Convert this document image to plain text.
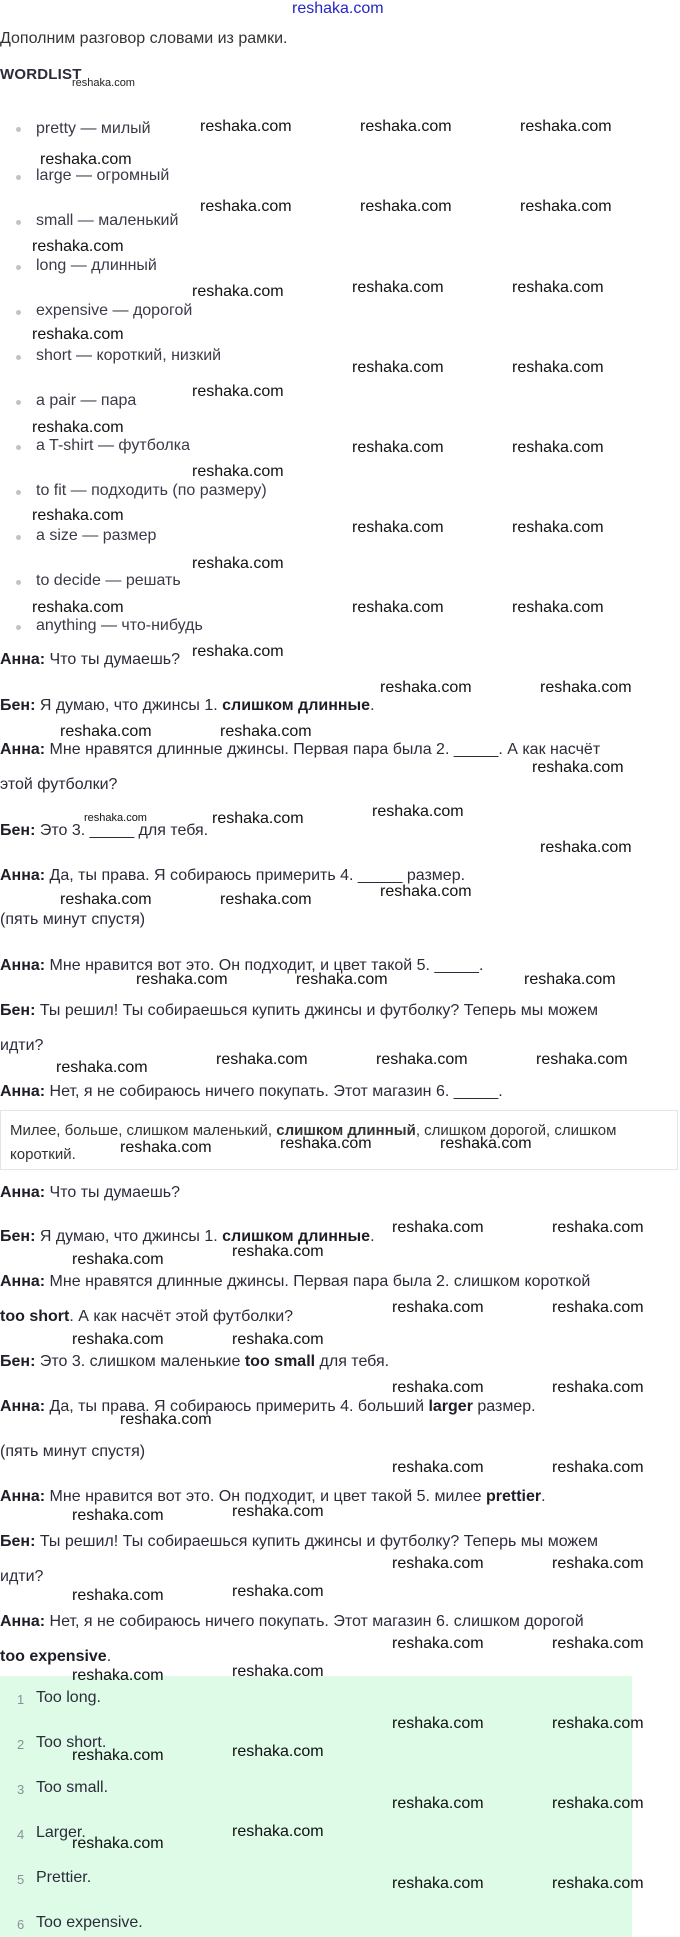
reshaka.com
Дополним разговор словами из рамки.
WORDLIST
reshaka.com
pretty — милый
large — огромный
small — маленький
long — длинный
expensive — дорогой
short — короткий, низкий
a pair — пара
a T-shirt — футболка
to fit — подходить (по размеру)
a size — размер
to decide — решать
anything — что-нибудь
Анна: Что ты думаешь?
Бен: Я думаю, что джинсы 1. слишком длинные.
Анна: Мне нравятся длинные джинсы. Первая пара была 2. _____. А как насчёт
этой футболки?
Бен: Это 3. _____ для тебя.
Анна: Да, ты права. Я собираюсь примерить 4. _____ размер.
(пять минут спустя)
Анна: Мне нравится вот это. Он подходит, и цвет такой 5. _____.
Бен: Ты решил! Ты собираешься купить джинсы и футболку? Теперь мы можем
идти?
Анна: Нет, я не собираюсь ничего покупать. Этот магазин 6. _____.
Милее, больше, слишком маленький, слишком длинный, слишком дорогой, слишком короткий.
Анна: Что ты думаешь?
Бен: Я думаю, что джинсы 1. слишком длинные.
Анна: Мне нравятся длинные джинсы. Первая пара была 2. слишком короткой
too short. А как насчёт этой футболки?
Бен: Это 3. слишком маленькие too small для тебя.
Анна: Да, ты права. Я собираюсь примерить 4. больший larger размер.
(пять минут спустя)
Анна: Мне нравится вот это. Он подходит, и цвет такой 5. милее prettier.
Бен: Ты решил! Ты собираешься купить джинсы и футболку? Теперь мы можем
идти?
Анна: Нет, я не собираюсь ничего покупать. Этот магазин 6. слишком дорогой
too expensive.
1 Too long.
2 Too short.
3 Too small.
4 Larger.
5 Prettier.
6 Too expensive.
reshaka.com	reshaka.com	reshaka.com
reshaka.com
reshaka.com	reshaka.com	reshaka.com
reshaka.com
reshaka.com	reshaka.com	reshaka.com
reshaka.com
reshaka.com	reshaka.com
reshaka.com
reshaka.com
reshaka.com	reshaka.com
reshaka.com
reshaka.com
reshaka.com	reshaka.com
reshaka.com
reshaka.com	reshaka.com	reshaka.com
reshaka.com
reshaka.com	reshaka.com
reshaka.com	reshaka.com
reshaka.com
reshaka.com	reshaka.com	reshaka.com
reshaka.com
reshaka.com
reshaka.com	reshaka.com
reshaka.com	reshaka.com	reshaka.com
reshaka.com	reshaka.com	reshaka.com	reshaka.com
reshaka.com	reshaka.com	reshaka.com
reshaka.com	reshaka.com
reshaka.com	reshaka.com
reshaka.com	reshaka.com
reshaka.com	reshaka.com
reshaka.com	reshaka.com
reshaka.com
reshaka.com	reshaka.com
reshaka.com	reshaka.com
reshaka.com	reshaka.com
reshaka.com	reshaka.com
reshaka.com	reshaka.com
reshaka.com	reshaka.com
reshaka.com	reshaka.com
reshaka.com	reshaka.com
reshaka.com	reshaka.com
reshaka.com
reshaka.com
reshaka.com	reshaka.com
